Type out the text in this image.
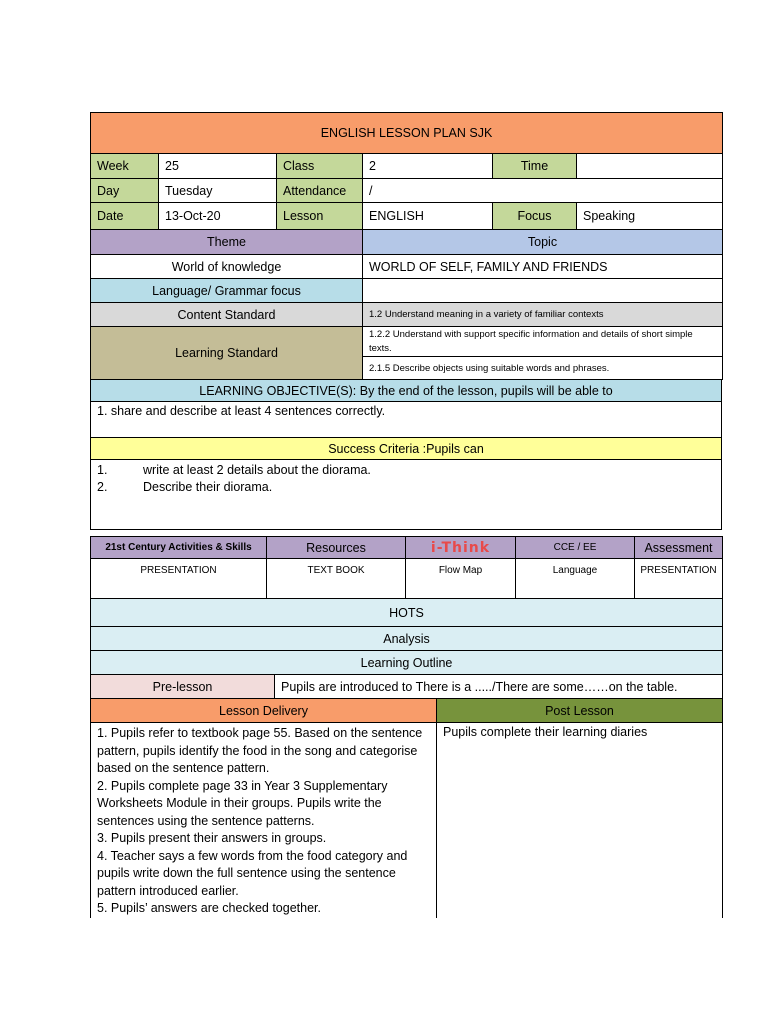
ENGLISH LESSON PLAN SJK					
Week	25	Class	2	Time	
Day	Tuesday	Attendance	/		
Date	13-Oct-20	Lesson	ENGLISH	Focus	Speaking
Theme	Topic
World of knowledge	WORLD OF SELF, FAMILY AND FRIENDS
Language/ Grammar focus	
Content Standard	1.2 Understand meaning in a variety of familiar contexts
Learning Standard	1.2.2 Understand with support specific information and details of short simple texts.
	2.1.5 Describe objects using suitable words and phrases.
LEARNING OBJECTIVE(S): By the end of the lesson, pupils will be able to
1. share and describe at least 4 sentences correctly.
Success Criteria :Pupils can

1.	write at least 2 details about the diorama.
2.	Describe their diorama.
21st Century Activities & Skills	Resources	i-Think	CCE / EE	Assessment
PRESENTATION	TEXT BOOK	Flow Map	Language	PRESENTATION
HOTS
Analysis
Learning Outline
Pre-lesson	Pupils are introduced to There is a ...../There are some……on the table.
Lesson Delivery	Post Lesson

1. Pupils refer to textbook page 55. Based on the sentence pattern, pupils identify the food in the song and categorise based on the sentence pattern.
2. Pupils complete page 33 in Year 3 Supplementary Worksheets Module in their groups. Pupils write the sentences using the sentence patterns.
3. Pupils present their answers in groups.
4. Teacher says a few words from the food category and pupils write down the full sentence using the sentence pattern introduced earlier.
5. Pupils’ answers are checked together.	Pupils complete their learning diaries
